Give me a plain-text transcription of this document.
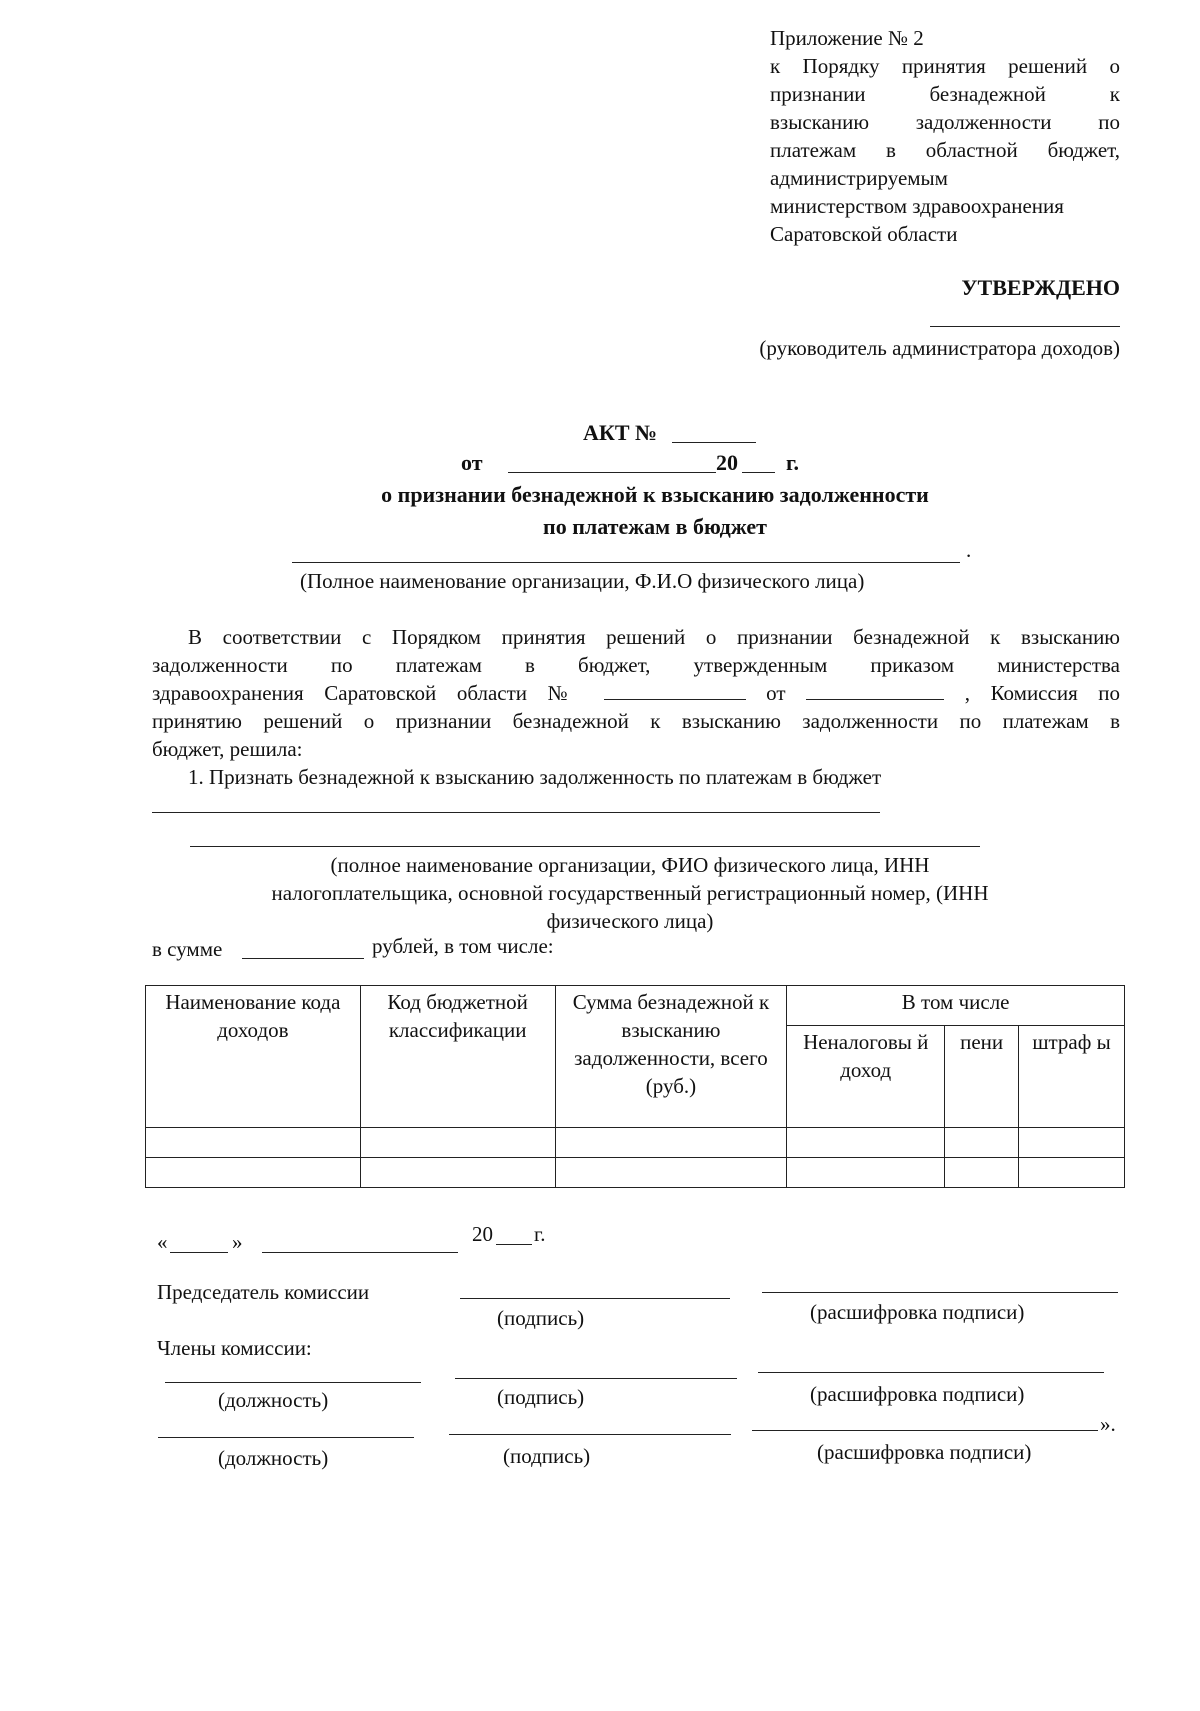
Приложение № 2
к Порядку принятия решений о
признании безнадежной к
взысканию задолженности по
платежам в областной бюджет,
администрируемым
министерством здравоохранения
Саратовской области
УТВЕРЖДЕНО
(руководитель администратора доходов)
АКТ №
от	20 г.
о признании безнадежной к взысканию задолженности
по платежам в бюджет
.
(Полное наименование организации, Ф.И.О физического лица)
В соответствии с Порядком принятия решений о признании безнадежной к взысканию
задолженности по платежам в бюджет, утвержденным приказом министерства
здравоохранения Саратовской области №	от	, Комиссия по
принятию решений о признании безнадежной к взысканию задолженности по платежам в
бюджет, решила:
1. Признать безнадежной к взысканию задолженность по платежам в бюджет
(полное наименование организации, ФИО физического лица, ИНН
налогоплательщика, основной государственный регистрационный номер, (ИНН
физического лица)
в сумме	рублей, в том числе:
Наименование кода доходов	Код бюджетной классификации	Сумма безнадежной к взысканию задолженности, всего (руб.)	В том числе		
			Неналоговы й доход	пени	штраф ы

«	»	20 г.
Председатель комиссии
(подпись)	(расшифровка подписи)
Члены комиссии:
(должность)	(подпись)	(расшифровка подписи)
».
(должность)	(подпись)	(расшифровка подписи)
